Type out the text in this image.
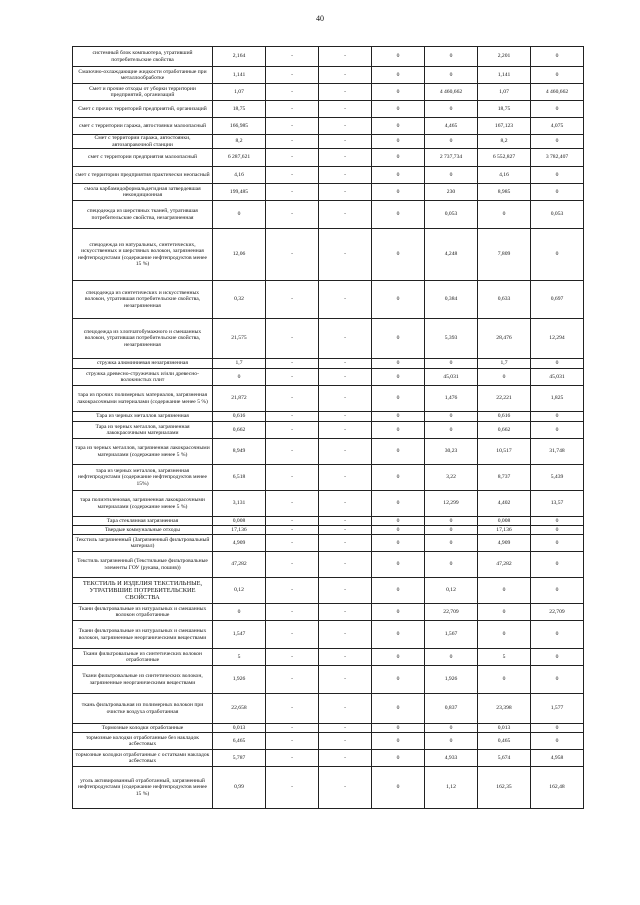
40
системный блок компьютера, утративший потребительские свойства	2,164	-	-	0	0	2,201	0
Смазочно-охлаждающие жидкости отработанные при металлообработке	1,141	-	-	0	0	1,141	0
Смет и прочие отходы от уборки территории предприятий, организаций	1,07	-	-	0	4 460,662	1,07	4 460,662
Смет с прочих территорий предприятий, организаций	18,75	-	-	0	0	18,75	0
смет с территории гаража, автостоянки малоопасный	166,985	-	-	0	4,465	167,123	4,075
Смет с территории гаража, автостоянки, автозаправочной станции	8,2	-	-	0	0	8,2	0
смет с территории предприятия малоопасный	6 287,621	-	-	0	2 737,734	6 552,827	3 782,407
смет с территории предприятия практически неопасный	4,16	-	-	0	0	4,16	0
смола карбамидоформальдегидная затвердевшая некондиционная	199,485	-	-	0	230	8,985	0
спецодежда из шерстяных тканей, утратившая потребительские свойства, незагрязненная	0	-	-	0	0,053	0	0,053
спецодежда из натуральных, синтетических, искусственных и шерстяных волокон, загрязненная нефтепродуктами (содержание нефтепродуктов менее 15 %)	12,06	-	-	0	4,248	7,809	0
спецодежда из синтетических и искусственных волокон, утратившая потребительские свойства, незагрязненная	0,32	-	-	0	0,384	0,633	0,697
спецодежда из хлопчатобумажного и смешанных волокон, утратившая потребительские свойства, незагрязненная	21,575	-	-	0	5,393	28,476	12,294
стружка алюминиевая незагрязненная	1,7	-	-	0	0	1,7	0
стружка древесно-стружечных и/или древесно-волокнистых плит	0	-	-	0	45,031	0	45,031
тара из прочих полимерных материалов, загрязненная лакокрасочными материалами (содержание менее 5 %)	21,872	-	-	0	1,476	22,221	1,825
Тара из черных металлов загрязненная	0,616	-	-	0	0	0,616	0
Тара из черных металлов, загрязненная лакокрасочными материалами	0,662	-	-	0	0	0,662	0
тара из черных металлов, загрязненная лакокрасочными материалами (содержание менее 5 %)	8,949	-	-	0	30,23	10,517	31,748
тара из черных металлов, загрязненная нефтепродуктами (содержание нефтепродуктов менее 15%)	6,518	-	-	0	3,22	8,737	5,439
тара полиэтиленовая, загрязненная лакокрасочными материалами (содержание менее 5 %)	3,131	-	-	0	12,299	4,402	13,57
Тара стеклянная загрязненная	0,008	-	-	0	0	0,008	0
Твердые коммунальные отходы	17,136	-	-	0	0	17,136	0
Текстиль загрязненный (Загрязненный фильтровальный материал)	4,909	-	-	0	0	4,909	0
Текстиль загрязненный (Текстильные фильтровальные элементы ГОУ (рукава, пошив))	47,282	-	-	0	0	47,282	0
ТЕКСТИЛЬ И ИЗДЕЛИЯ ТЕКСТИЛЬНЫЕ, УТРАТИВШИЕ ПОТРЕБИТЕЛЬСКИЕ СВОЙСТВА	0,12	-	-	0	0,12	0	0
Ткани фильтровальные из натуральных и смешанных волокон отработанные	0	-	-	0	22,709	0	22,709
Ткани фильтровальные из натуральных и смешанных волокон, загрязненные неорганическими веществами	1,547	-	-	0	1,567	0	0
Ткани фильтровальные из синтетических волокон отработанные	5	-	-	0	0	5	0
Ткани фильтровальные из синтетических волокон, загрязненные неорганическими веществами	1,926	-	-	0	1,926	0	0
ткань фильтровальная из полимерных волокон при очистке воздуха отработанная	22,658	-	-	0	0,837	23,398	1,577
Тормозные колодки отработанные	0,013	-	-	0	0	0,013	0
тормозные колодки отработанные без накладок асбестовых	6,465	-	-	0	0	0,465	0
тормозные колодки отработанные с остатками накладок асбестовых	5,787	-	-	0	4,933	5,674	4,958
уголь активированный отработанный, загрязненный нефтепродуктами (содержание нефтепродуктов менее 15 %)	0,99	-	-	0	1,12	162,35	162,48
